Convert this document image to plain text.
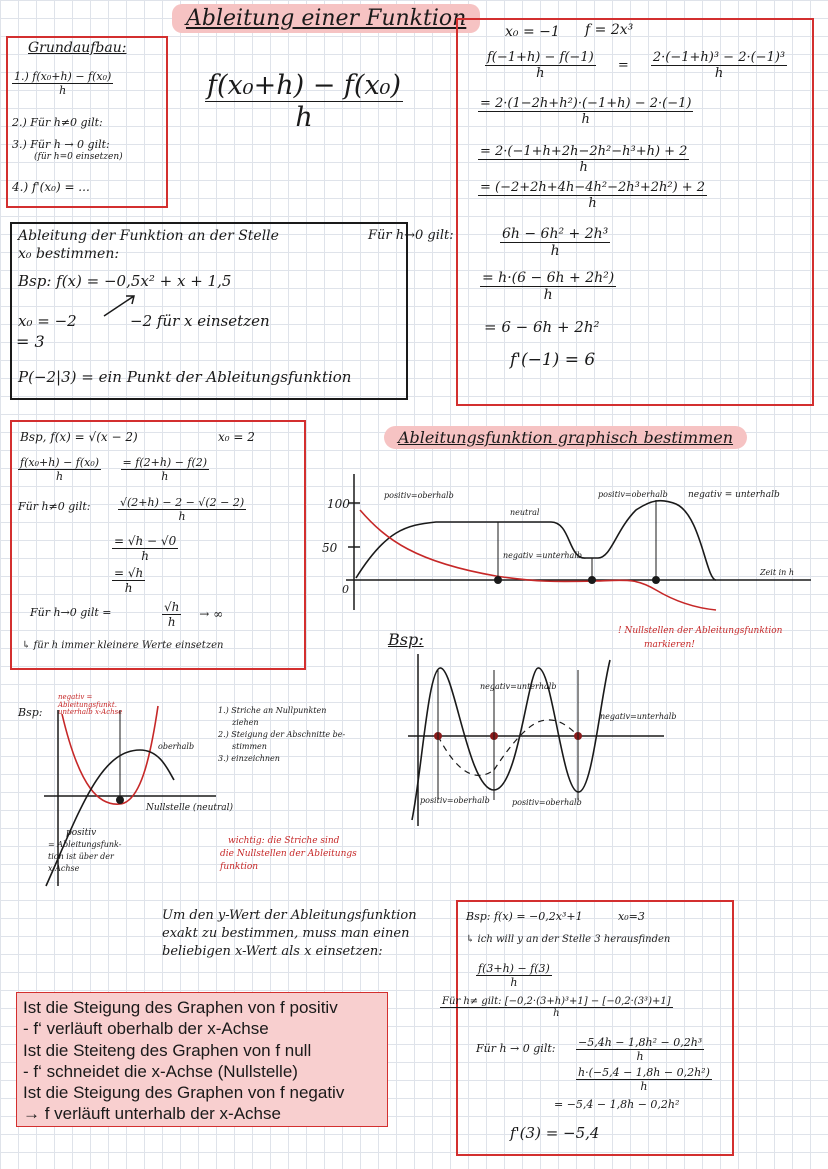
Ableitung einer Funktion
$\frac{\text{f(x₀+h) − f(x₀)}}{h}$
Grundaufbau:
$\frac{\text{1.) f(x₀+h) − f(x₀)}}{h}$
2.) Für h≠0 gilt:
3.) Für h → 0 gilt:
(für h=0 einsetzen)
4.) f'(x₀) = ...
x₀ = −1 f = 2x³
$\frac{f(-1+h) - f(-1)}{h} = \frac{\text{2·(−1+h)³ − 2·(−1)³}}{h}$
$\frac{\text{= 2·(1−2h+h²)·(−1+h) − 2·(−1)}}{h}$
$\frac{\text{= 2·(−1+h+2h−2h²−h³+h) + 2}}{h}$
$\frac{\text{= (−2+2h+4h−4h²−2h³+2h²) + 2}}{h}$
Für h→0 gilt:	$\frac{\text{6h − 6h² + 2h³}}{h}$
$\frac{\text{= h·(6 − 6h + 2h²)}}{h}$
= 6 − 6h + 2h²
f'(−1) = 6
Ableitung der Funktion an der Stelle
x₀ bestimmen:
Bsp: f(x) = −0,5x² + x + 1,5
x₀ = −2	−2 für x einsetzen
= 3
P(−2|3) = ein Punkt der Ableitungsfunktion
Bsp, f(x) = √(x − 2)	x₀ = 2
$\frac{\text{f(x₀+h) − f(x₀)}}{h}$
$\frac{= f(2+h) - f(2)}{h}$
Für h≠0 gilt:	$\frac{√(2+h) - 2 - √(2 - 2)}{h}$
$\frac{= √h - √0}{h}$
$\frac{= √h}{h}$
Für h→0 gilt =	$\frac{√h}{h}$ → ∞
↳ für h immer kleinere Werte einsetzen
Ableitungsfunktion graphisch bestimmen
100
50
0
positiv=oberhalb
neutral
negativ =unterhalb
positiv=oberhalb negativ = unterhalb
Zeit in h
! Nullstellen der Ableitungsfunktion
markieren!
Bsp:
negativ=unterhalb
negativ=unterhalb
positiv=oberhalb	positiv=oberhalb
Bsp:
negativ = Ableitungsfunkt. unterhalb x-Achse
oberhalb
Nullstelle (neutral)
positiv
= Ableitungsfunk-
tion ist über der
x-Achse
1.) Striche an Nullpunkten
ziehen
2.) Steigung der Abschnitte be-
stimmen
3.) einzeichnen
wichtig: die Striche sind
die Nullstellen der Ableitungs
funktion
Um den y-Wert der Ableitungsfunktion
exakt zu bestimmen, muss man einen
beliebigen x-Wert als x einsetzen:
Ist die Steigung des Graphen von f positiv
- f‘ verläuft oberhalb der x-Achse
Ist die Steiteng des Graphen von f null
- f‘ schneidet die x-Achse (Nullstelle)
Ist die Steigung des Graphen von f negativ
→ f verläuft unterhalb der x-Achse
Bsp: f(x) = −0,2x³+1	x₀=3
↳ ich will y an der Stelle 3 herausfinden
$\frac{f(3+h) - f(3)}{h}$
$\frac{\text{Für h≠ gilt: [−0,2·(3+h)³+1] − [−0,2·(3³)+1]}}{h}$
Für h → 0 gilt: $\frac{\text{−5,4h − 1,8h² − 0,2h³}}{h}$
$\frac{\text{h·(−5,4 − 1,8h − 0,2h²)}}{h}$
= −5,4 − 1,8h − 0,2h²
f'(3) = −5,4
